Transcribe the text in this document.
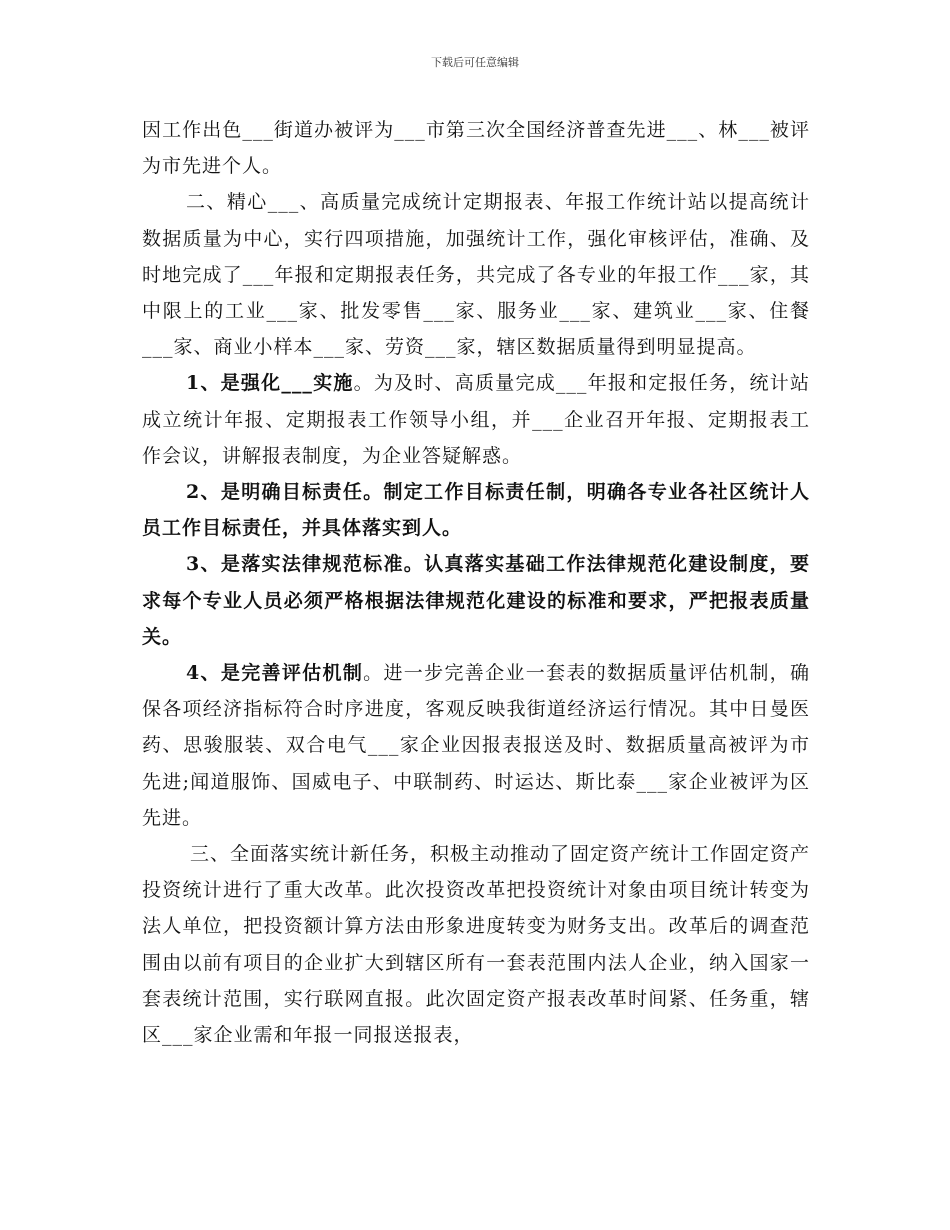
下载后可任意编辑

因工作出色___街道办被评为___市第三次全国经济普查先进___、林___被评为市先进个人。

二、精心___、高质量完成统计定期报表、年报工作统计站以提高统计数据质量为中心，实行四项措施，加强统计工作，强化审核评估，准确、及时地完成了___年报和定期报表任务，共完成了各专业的年报工作___家，其中限上的工业___家、批发零售___家、服务业___家、建筑业___家、住餐___家、商业小样本___家、劳资___家，辖区数据质量得到明显提高。

1、是强化___实施。为及时、高质量完成___年报和定报任务，统计站成立统计年报、定期报表工作领导小组，并___企业召开年报、定期报表工作会议，讲解报表制度，为企业答疑解惑。

2、是明确目标责任。制定工作目标责任制，明确各专业各社区统计人员工作目标责任，并具体落实到人。

3、是落实法律规范标准。认真落实基础工作法律规范化建设制度，要求每个专业人员必须严格根据法律规范化建设的标准和要求，严把报表质量关。

4、是完善评估机制。进一步完善企业一套表的数据质量评估机制，确保各项经济指标符合时序进度，客观反映我街道经济运行情况。其中日曼医药、思骏服装、双合电气___家企业因报表报送及时、数据质量高被评为市先进;闻道服饰、国威电子、中联制药、时运达、斯比泰___家企业被评为区先进。

三、全面落实统计新任务，积极主动推动了固定资产统计工作固定资产投资统计进行了重大改革。此次投资改革把投资统计对象由项目统计转变为法人单位，把投资额计算方法由形象进度转变为财务支出。改革后的调查范围由以前有项目的企业扩大到辖区所有一套表范围内法人企业，纳入国家一套表统计范围，实行联网直报。此次固定资产报表改革时间紧、任务重，辖区___家企业需和年报一同报送报表，
